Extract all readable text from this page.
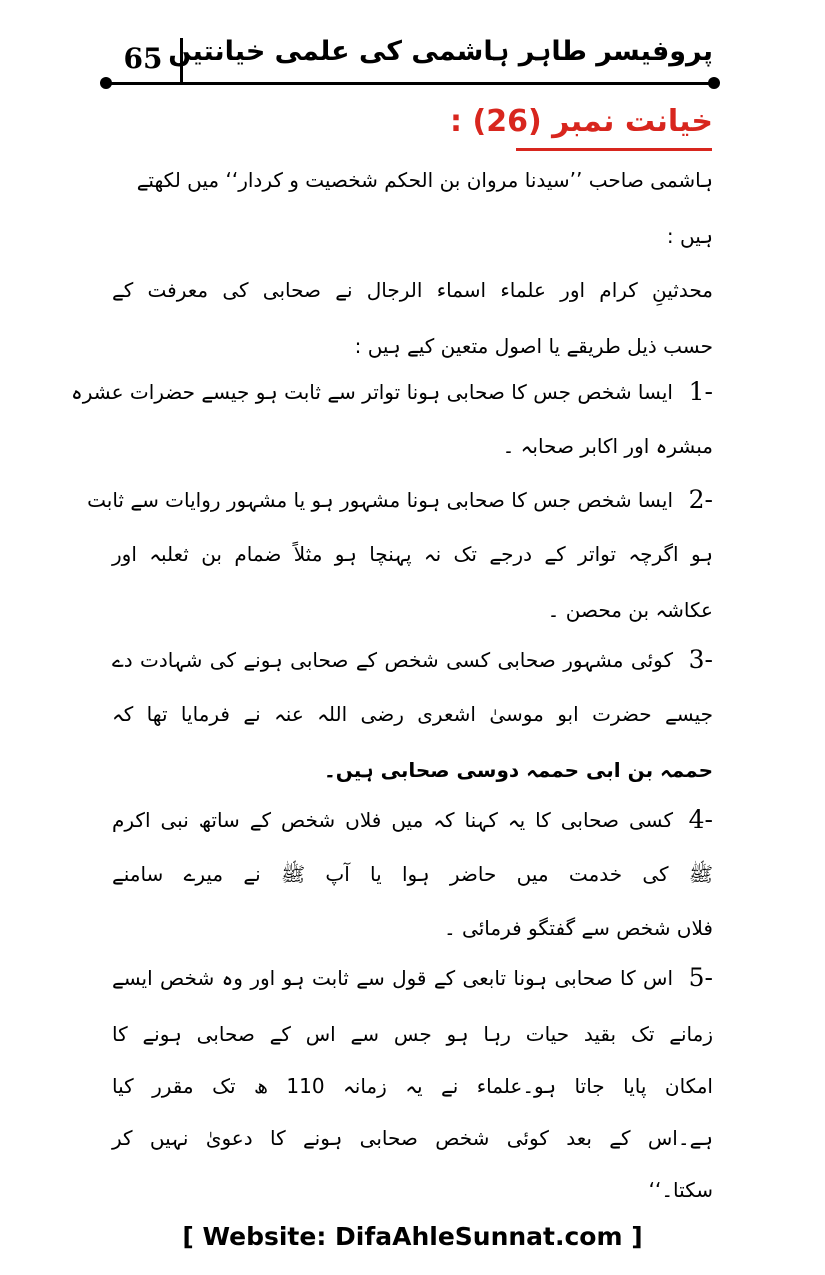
65 پروفیسر طاہر ہاشمی کی علمی خیانتیں
خیانت نمبر (26) :
ہاشمی صاحب ’’سیدنا مروان بن الحکم شخصیت و کردار‘‘ میں لکھتے
ہیں :
محدثینِ کرام اور علماء اسماء الرجال نے صحابی کی معرفت کے
حسب ذیل طریقے یا اصول متعین کیے ہیں :
1-
ایسا شخص جس کا صحابی ہونا تواتر سے ثابت ہو جیسے حضرات عشرہ
مبشرہ اور اکابر صحابہ ۔
2-
ایسا شخص جس کا صحابی ہونا مشہور ہو یا مشہور روایات سے ثابت
ہو اگرچہ تواتر کے درجے تک نہ پہنچا ہو مثلاً ضمام بن ثعلبہ اور
عکاشہ بن محصن ۔
3-
کوئی مشہور صحابی کسی شخص کے صحابی ہونے کی شہادت دے
جیسے حضرت ابو موسیٰ اشعری رضی اللہ عنہ نے فرمایا تھا کہ
حممہ بن ابی حممہ دوسی صحابی ہیں۔
4-
کسی صحابی کا یہ کہنا کہ میں فلاں شخص کے ساتھ نبی اکرم
ﷺ کی خدمت میں حاضر ہوا یا آپ ﷺ نے میرے سامنے
فلاں شخص سے گفتگو فرمائی ۔
5-
اس کا صحابی ہونا تابعی کے قول سے ثابت ہو اور وہ شخص ایسے
زمانے تک بقید حیات رہا ہو جس سے اس کے صحابی ہونے کا
امکان پایا جاتا ہو۔علماء نے یہ زمانہ 110 ھ تک مقرر کیا
ہے۔اس کے بعد کوئی شخص صحابی ہونے کا دعویٰ نہیں کر
سکتا۔‘‘
[ Website: DifaAhleSunnat.com ]
